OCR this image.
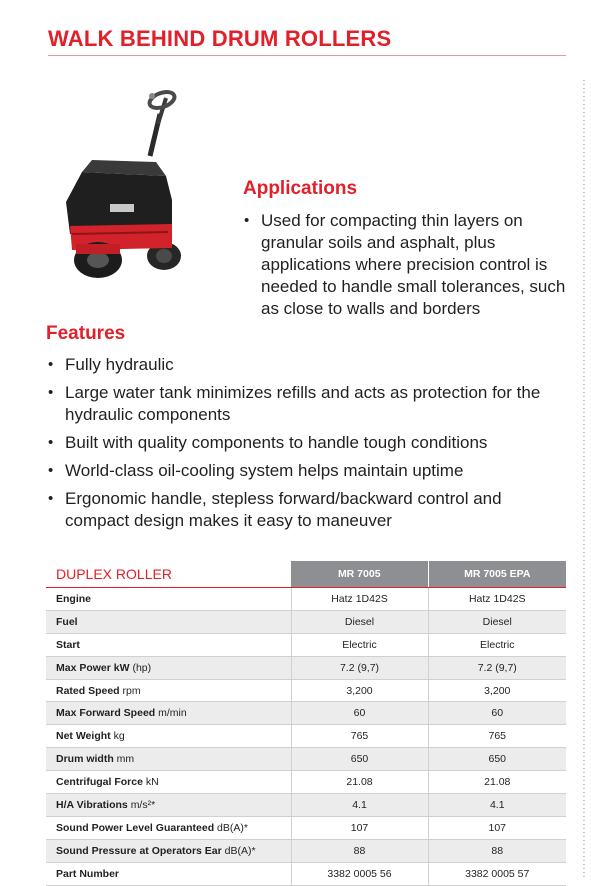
WALK BEHIND DRUM ROLLERS
Applications
• Used for compacting thin layers on granular soils and asphalt, plus applications where precision control is needed to handle small tolerances, such as close to walls and borders
Features
• Fully hydraulic
• Large water tank minimizes refills and acts as protection for the hydraulic components
• Built with quality components to handle tough conditions
• World-class oil-cooling system helps maintain uptime
• Ergonomic handle, stepless forward/backward control and compact design makes it easy to maneuver
DUPLEX ROLLER	MR 7005	MR 7005 EPA
Engine	Hatz 1D42S	Hatz 1D42S
Fuel	Diesel	Diesel
Start	Electric	Electric
Max Power kW (hp)	7.2 (9,7)	7.2 (9,7)
Rated Speed rpm	3,200	3,200
Max Forward Speed m/min	60	60
Net Weight kg	765	765
Drum width mm	650	650
Centrifugal Force kN	21.08	21.08
H/A Vibrations m/s²*	4.1	4.1
Sound Power Level Guaranteed dB(A)*	107	107
Sound Pressure at Operators Ear dB(A)*	88	88
Part Number	3382 0005 56	3382 0005 57
